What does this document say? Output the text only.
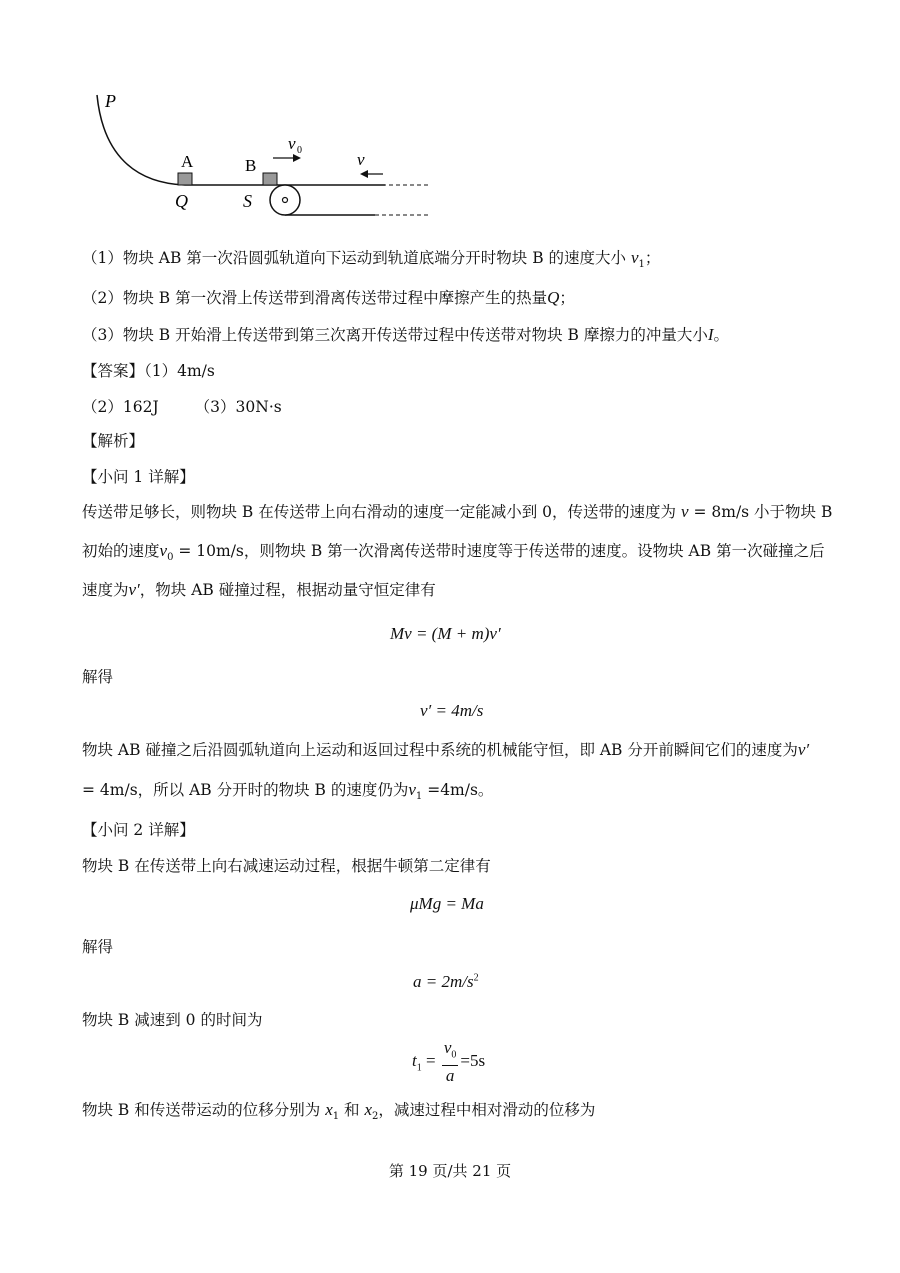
P
A	B
Q	S
v 0	v
（1）物块 AB 第一次沿圆弧轨道向下运动到轨道底端分开时物块 B 的速度大小 $v_1$；
（2）物块 B 第一次滑上传送带到滑离传送带过程中摩擦产生的热量Q；
（3）物块 B 开始滑上传送带到第三次离开传送带过程中传送带对物块 B 摩擦力的冲量大小I。
【答案】（1）4m/s
（2）162J （3）30N·s
【解析】
【小问 1 详解】
传送带足够长，则物块 B 在传送带上向右滑动的速度一定能减小到 0，传送带的速度为 v = 8m/s 小于物块 B
初始的速度$v_0 = 10m/s$，则物块 B 第一次滑离传送带时速度等于传送带的速度。设物块 AB 第一次碰撞之后
速度为v′，物块 AB 碰撞过程，根据动量守恒定律有
Mv = (M + m)v′
解得
v′ = 4m/s
物块 AB 碰撞之后沿圆弧轨道向上运动和返回过程中系统的机械能守恒，即 AB 分开前瞬间它们的速度为v′
= 4m/s，所以 AB 分开时的物块 B 的速度仍为$v_1 =4m/s$。
【小问 2 详解】
物块 B 在传送带上向右减速运动过程，根据牛顿第二定律有
μMg = Ma
解得
$a = 2m/s^2$
物块 B 减速到 0 的时间为
$t_1 = \frac{v_0}{a} =5s$
物块 B 和传送带运动的位移分别为 $x_1$ 和 $x_2$，减速过程中相对滑动的位移为
第 19 页/共 21 页
